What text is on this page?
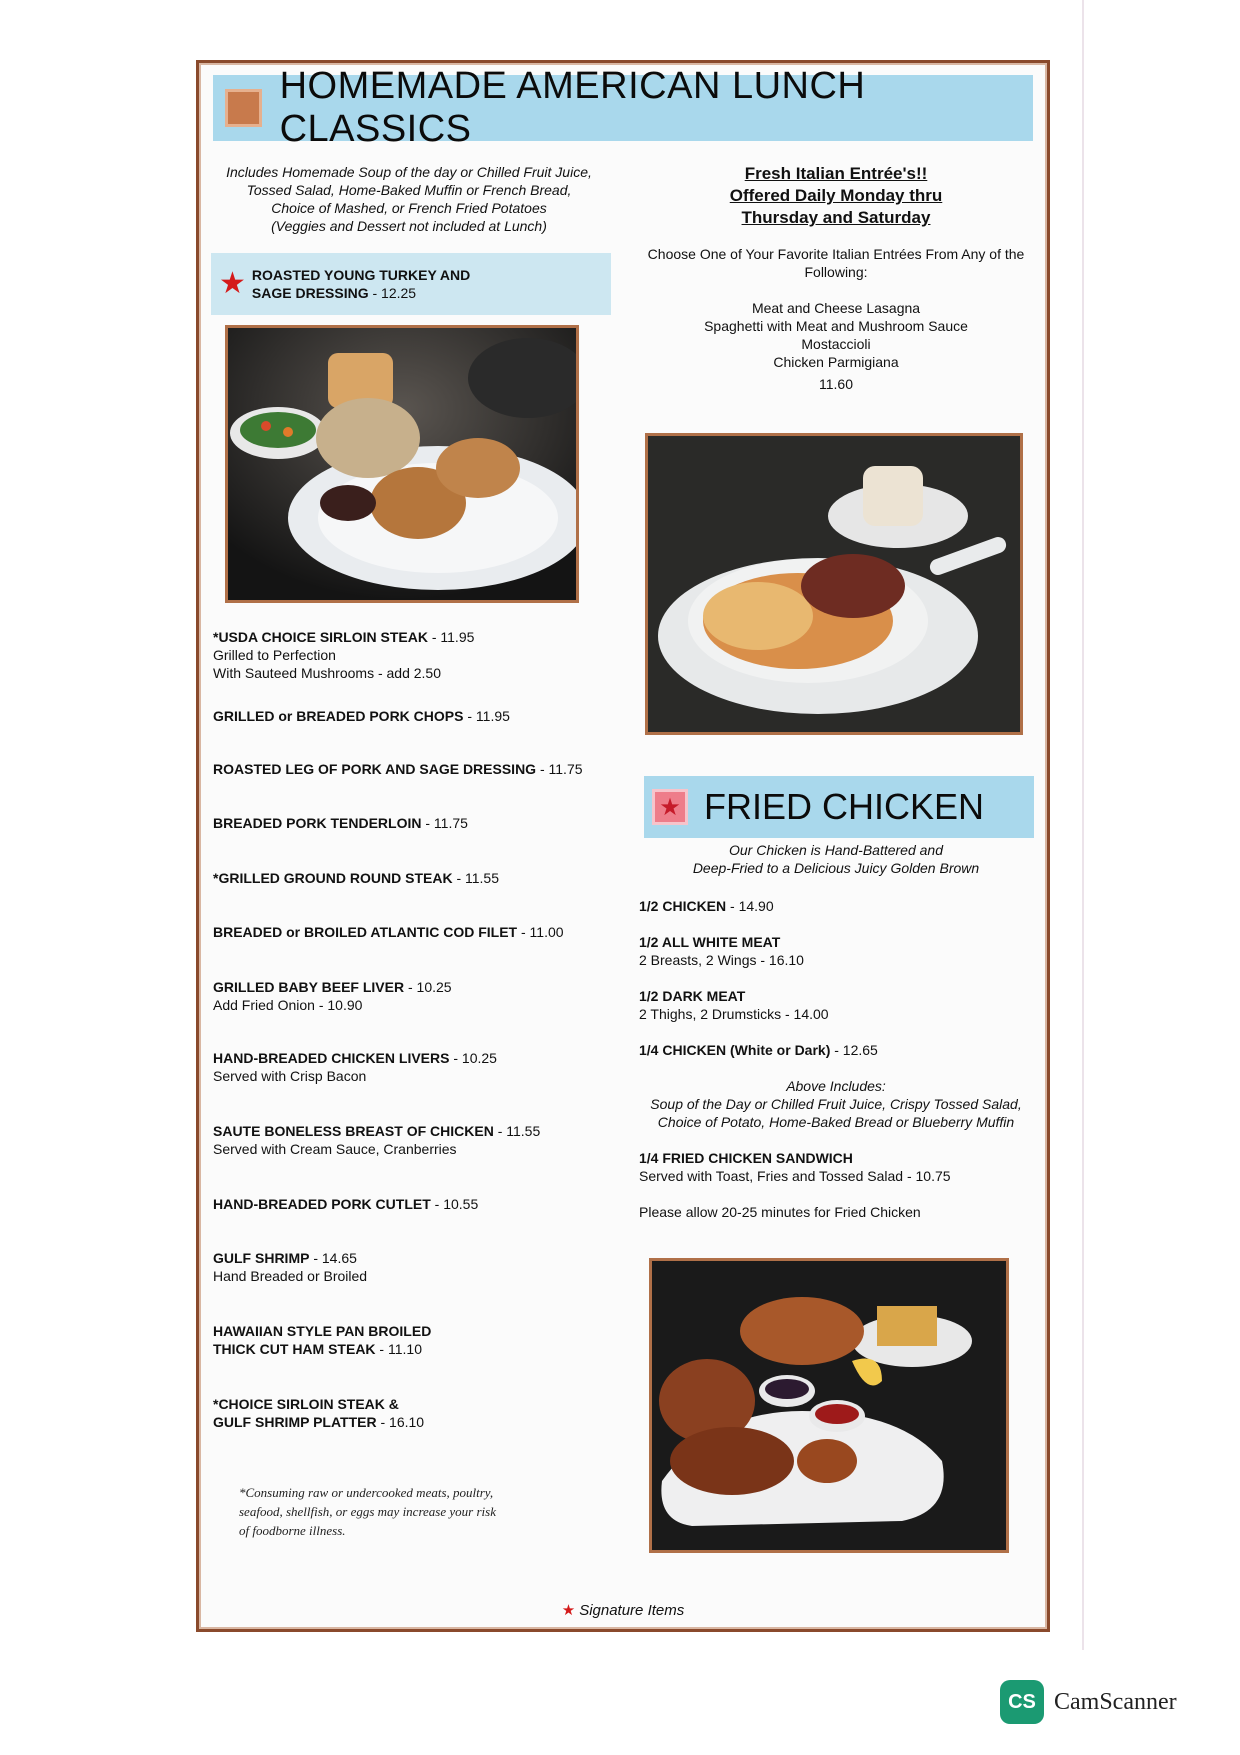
HOMEMADE AMERICAN LUNCH CLASSICS
Includes Homemade Soup of the day or Chilled Fruit Juice,
Tossed Salad, Home-Baked Muffin or French Bread,
Choice of Mashed, or French Fried Potatoes
(Veggies and Dessert not included at Lunch)
★ ROASTED YOUNG TURKEY AND
SAGE DRESSING - 12.25
*USDA CHOICE SIRLOIN STEAK - 11.95
Grilled to Perfection
With Sauteed Mushrooms - add 2.50
GRILLED or BREADED PORK CHOPS - 11.95
ROASTED LEG OF PORK AND SAGE DRESSING - 11.75
BREADED PORK TENDERLOIN - 11.75
*GRILLED GROUND ROUND STEAK - 11.55
BREADED or BROILED ATLANTIC COD FILET - 11.00
GRILLED BABY BEEF LIVER - 10.25
Add Fried Onion - 10.90
HAND-BREADED CHICKEN LIVERS - 10.25
Served with Crisp Bacon
SAUTE BONELESS BREAST OF CHICKEN - 11.55
Served with Cream Sauce, Cranberries
HAND-BREADED PORK CUTLET - 10.55
GULF SHRIMP - 14.65
Hand Breaded or Broiled
HAWAIIAN STYLE PAN BROILED
THICK CUT HAM STEAK - 11.10
*CHOICE SIRLOIN STEAK &
GULF SHRIMP PLATTER - 16.10
*Consuming raw or undercooked meats, poultry,
seafood, shellfish, or eggs may increase your risk
of foodborne illness.
Fresh Italian Entrée's!!
Offered Daily Monday thru
Thursday and Saturday
Choose One of Your Favorite Italian Entrées From Any of the
Following:
Meat and Cheese Lasagna
Spaghetti with Meat and Mushroom Sauce
Mostaccioli
Chicken Parmigiana
11.60
★ FRIED CHICKEN
Our Chicken is Hand-Battered and
Deep-Fried to a Delicious Juicy Golden Brown
1/2 CHICKEN - 14.90
1/2 ALL WHITE MEAT
2 Breasts, 2 Wings - 16.10
1/2 DARK MEAT
2 Thighs, 2 Drumsticks - 14.00
1/4 CHICKEN (White or Dark) - 12.65
Above Includes:
Soup of the Day or Chilled Fruit Juice, Crispy Tossed Salad,
Choice of Potato, Home-Baked Bread or Blueberry Muffin
1/4 FRIED CHICKEN SANDWICH
Served with Toast, Fries and Tossed Salad - 10.75
Please allow 20-25 minutes for Fried Chicken
★ Signature Items
CS CamScanner
